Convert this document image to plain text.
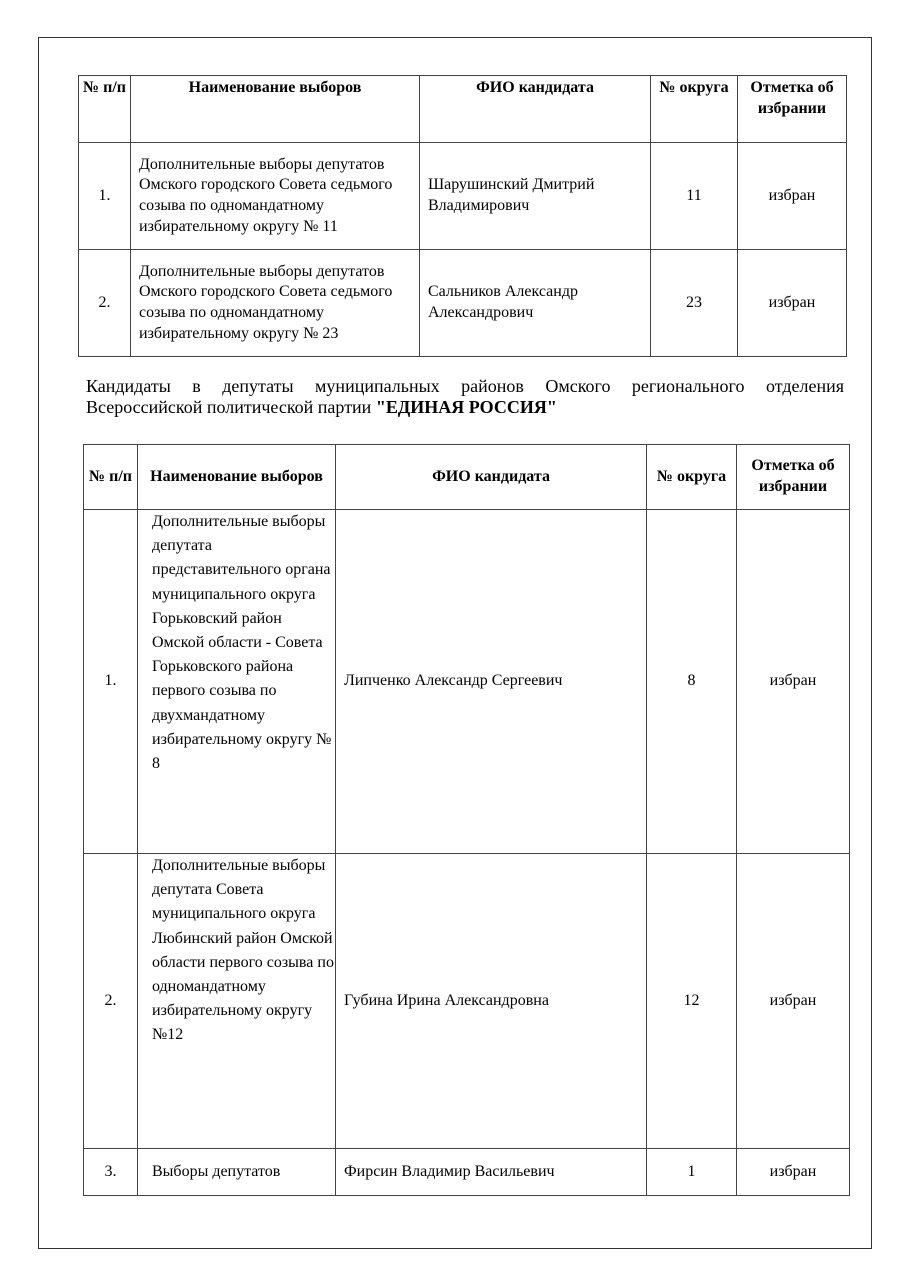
№ п/п	Наименование выборов	ФИО кандидата	№ округа	Отметка об избрании
1.	Дополнительные выборы депутатов Омского городского Совета седьмого созыва по одномандатному избирательному округу № 11	Шарушинский Дмитрий Владимирович	11	избран
2.	Дополнительные выборы депутатов Омского городского Совета седьмого созыва по одномандатному избирательному округу № 23	Сальников Александр Александрович	23	избран
Кандидаты в депутаты муниципальных районов Омского регионального отделения Всероссийской политической партии "ЕДИНАЯ РОССИЯ"
№ п/п	Наименование выборов	ФИО кандидата	№ округа	Отметка об избрании
1.	Дополнительные выборы депутата представительного органа муниципального округа Горьковский район Омской области - Совета Горьковского района первого созыва по двухмандатному избирательному округу № 8	Липченко Александр Сергеевич	8	избран
2.	Дополнительные выборы депутата Совета муниципального округа Любинский район Омской области первого созыва по одномандатному избирательному округу №12	Губина Ирина Александровна	12	избран
3.	Выборы депутатов	Фирсин Владимир Васильевич	1	избран
